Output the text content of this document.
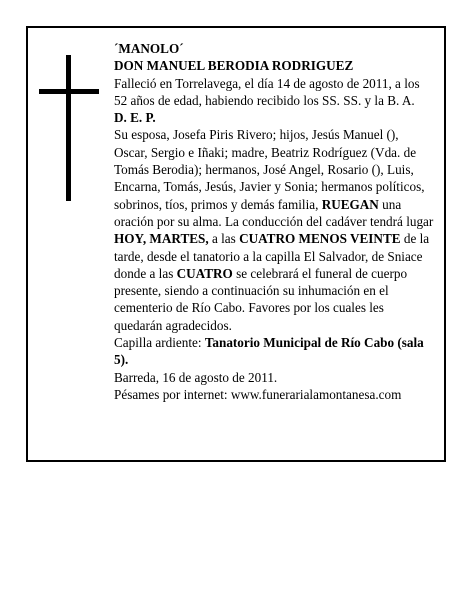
´MANOLO´

DON MANUEL BERODIA RODRIGUEZ

Falleció en Torrelavega, el día 14 de agosto de 2011, a los 52 años de edad, habiendo recibido los SS. SS. y la B. A.

D. E. P.

Su esposa, Josefa Piris Rivero; hijos, Jesús Manuel (), Oscar, Sergio e Iñaki; madre, Beatriz Rodríguez (Vda. de Tomás Berodia); hermanos, José Angel, Rosario (), Luis, Encarna, Tomás, Jesús, Javier y Sonia; hermanos políticos, sobrinos, tíos, primos y demás familia, RUEGAN una oración por su alma. La conducción del cadáver tendrá lugar HOY, MARTES, a las CUATRO MENOS VEINTE de la tarde, desde el tanatorio a la capilla El Salvador, de Sniace donde a las CUATRO se celebrará el funeral de cuerpo presente, siendo a continuación su inhumación en el cementerio de Río Cabo. Favores por los cuales les quedarán agradecidos.

Capilla ardiente: Tanatorio Municipal de Río Cabo (sala 5).

Barreda, 16 de agosto de 2011.

Pésames por internet: www.funerarialamontanesa.com
